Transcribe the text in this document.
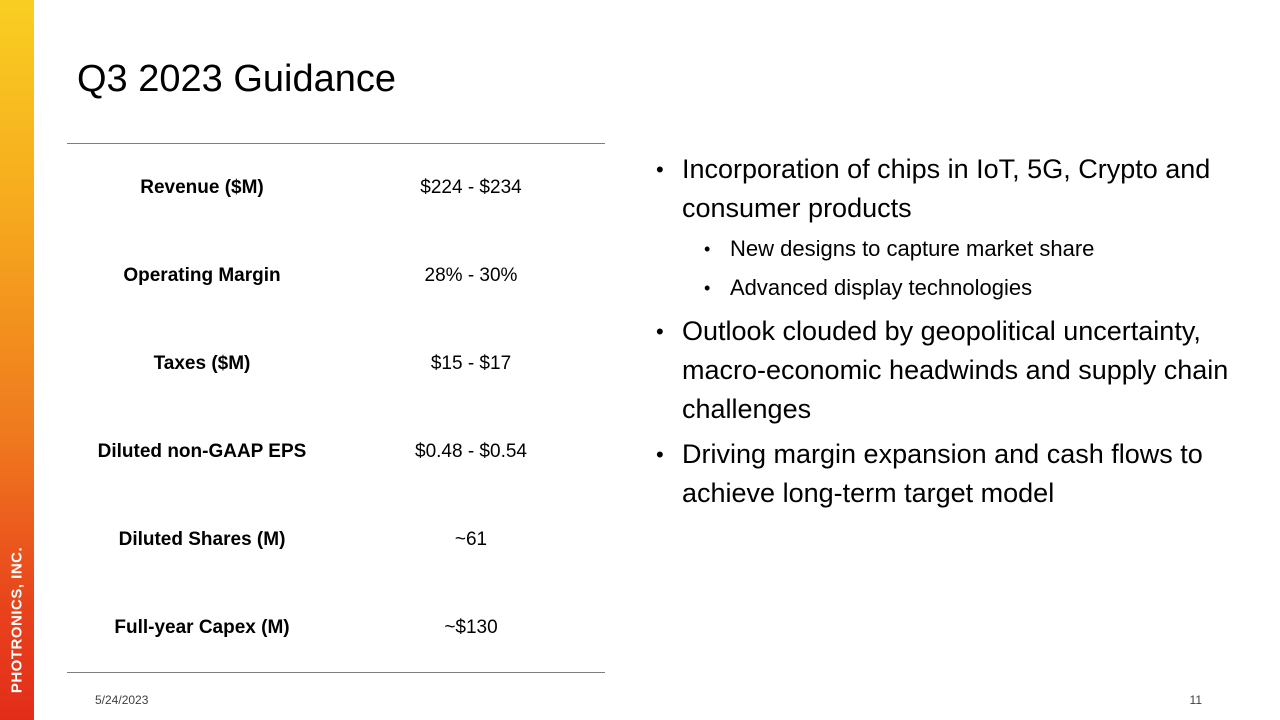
PHOTRONICS, INC.
Q3 2023 Guidance
Revenue ($M)	$224 - $234
Operating Margin	28% - 30%
Taxes ($M)	$15 - $17
Diluted non-GAAP EPS	$0.48 - $0.54
Diluted Shares (M)	~61
Full-year Capex (M)	~$130
• Incorporation of chips in IoT, 5G, Crypto and consumer products
• New designs to capture market share
• Advanced display technologies
• Outlook clouded by geopolitical uncertainty, macro-economic headwinds and supply chain challenges
• Driving margin expansion and cash flows to achieve long-term target model
5/24/2023	11
